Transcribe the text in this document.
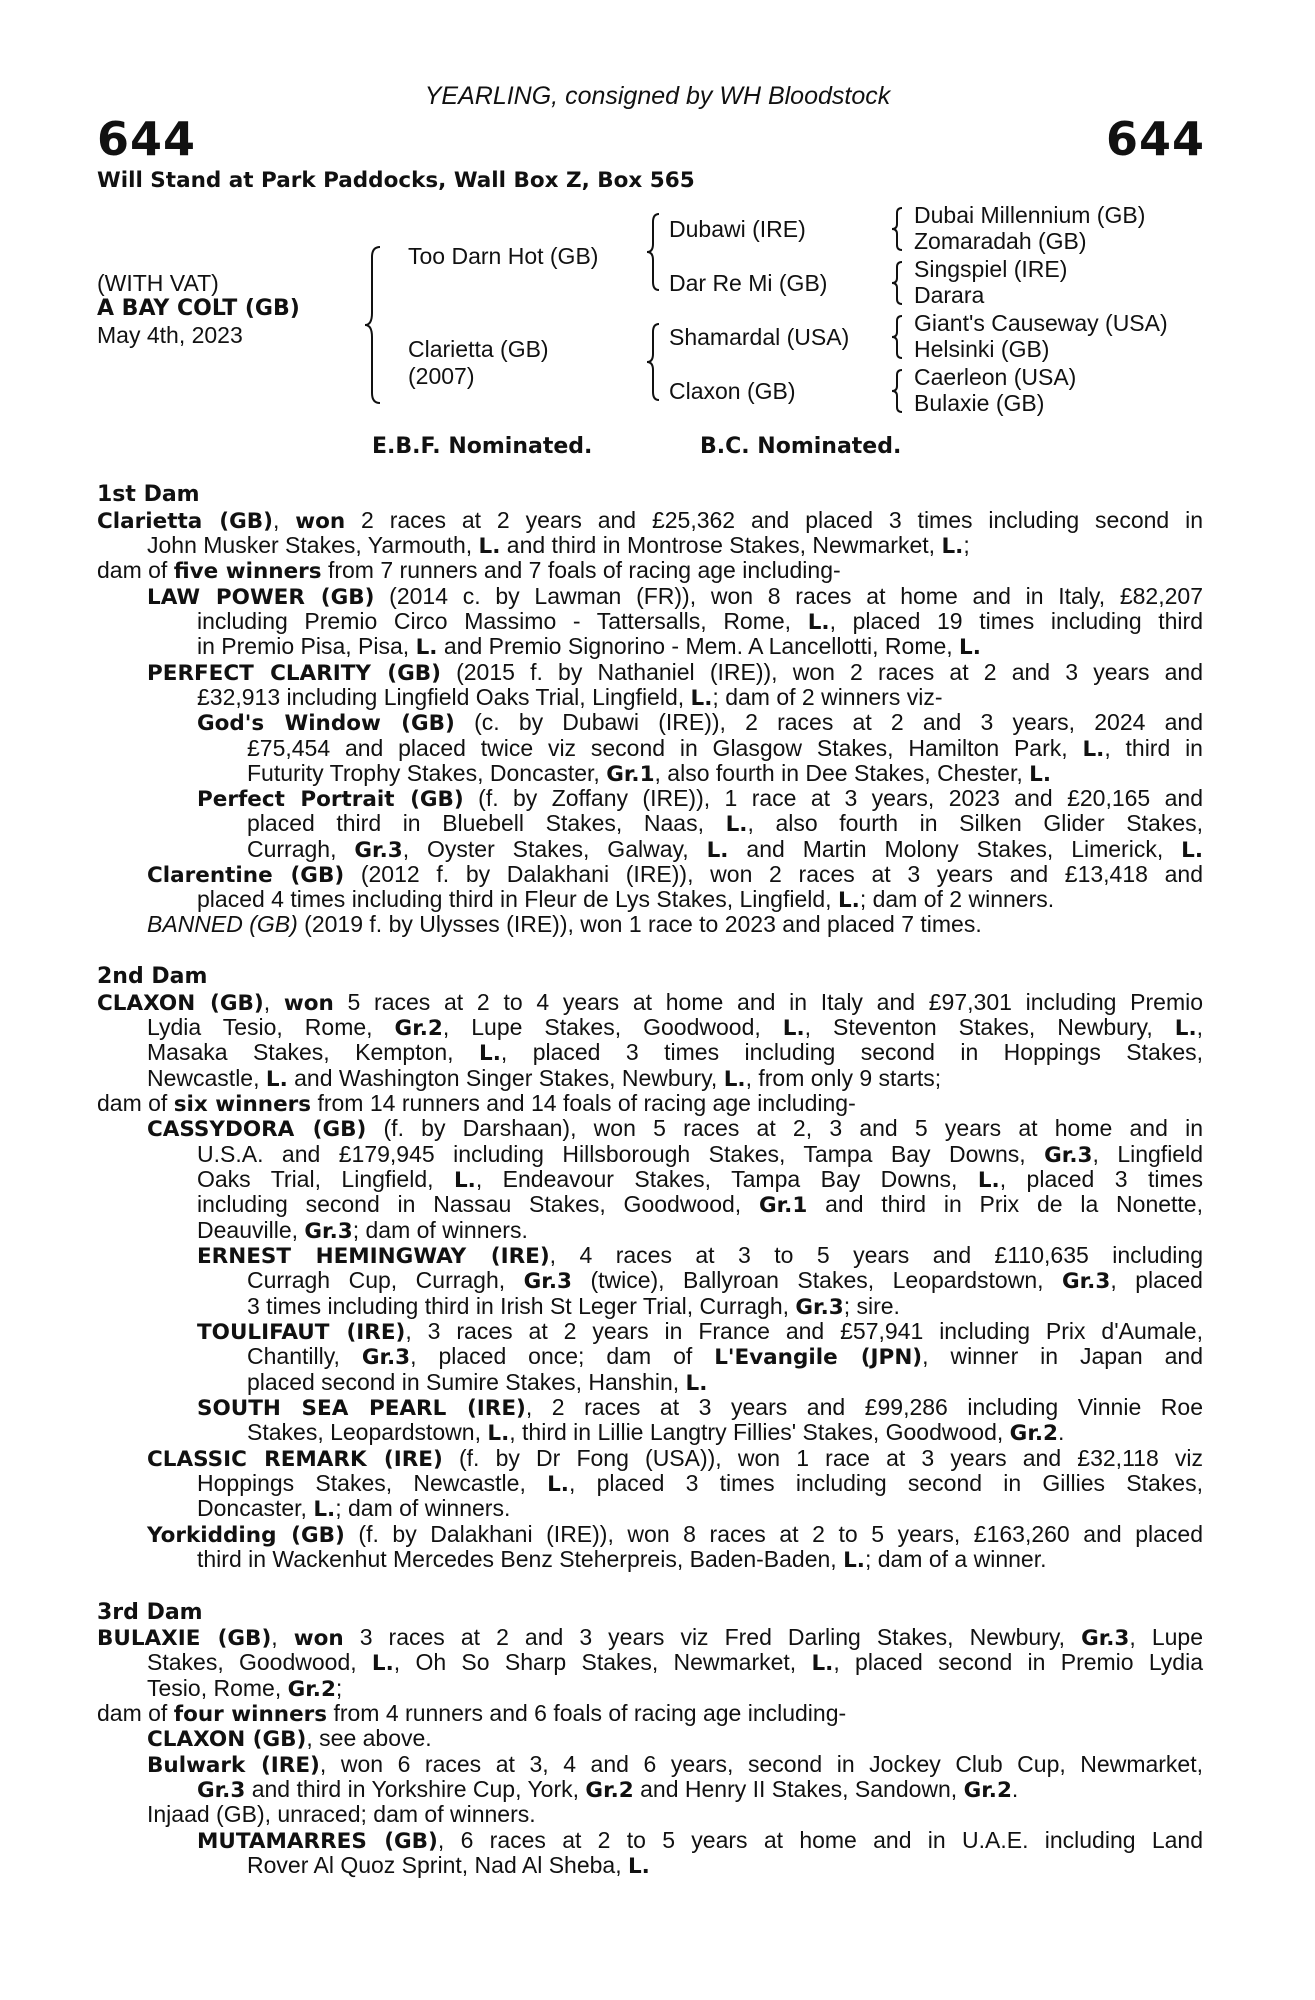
YEARLING, consigned by WH Bloodstock
644	644
Will Stand at Park Paddocks, Wall Box Z, Box 565
(WITH VAT)
A BAY COLT (GB)
May 4th, 2023
Too Darn Hot (GB)
Clarietta (GB)
(2007)
Dubawi (IRE)
Dar Re Mi (GB)
Shamardal (USA)
Claxon (GB)
Dubai Millennium (GB)
Zomaradah (GB)
Singspiel (IRE)
Darara
Giant's Causeway (USA)
Helsinki (GB)
Caerleon (USA)
Bulaxie (GB)
E.B.F. Nominated.	B.C. Nominated.
1st Dam
Clarietta (GB), won 2 races at 2 years and £25,362 and placed 3 times including second in
John Musker Stakes, Yarmouth, L. and third in Montrose Stakes, Newmarket, L.;
dam of five winners from 7 runners and 7 foals of racing age including-
LAW POWER (GB) (2014 c. by Lawman (FR)), won 8 races at home and in Italy, £82,207
including Premio Circo Massimo - Tattersalls, Rome, L., placed 19 times including third
in Premio Pisa, Pisa, L. and Premio Signorino - Mem. A Lancellotti, Rome, L.
PERFECT CLARITY (GB) (2015 f. by Nathaniel (IRE)), won 2 races at 2 and 3 years and
£32,913 including Lingfield Oaks Trial, Lingfield, L.; dam of 2 winners viz-
God's Window (GB) (c. by Dubawi (IRE)), 2 races at 2 and 3 years, 2024 and
£75,454 and placed twice viz second in Glasgow Stakes, Hamilton Park, L., third in
Futurity Trophy Stakes, Doncaster, Gr.1, also fourth in Dee Stakes, Chester, L.
Perfect Portrait (GB) (f. by Zoffany (IRE)), 1 race at 3 years, 2023 and £20,165 and
placed third in Bluebell Stakes, Naas, L., also fourth in Silken Glider Stakes,
Curragh, Gr.3, Oyster Stakes, Galway, L. and Martin Molony Stakes, Limerick, L.
Clarentine (GB) (2012 f. by Dalakhani (IRE)), won 2 races at 3 years and £13,418 and
placed 4 times including third in Fleur de Lys Stakes, Lingfield, L.; dam of 2 winners.
BANNED (GB) (2019 f. by Ulysses (IRE)), won 1 race to 2023 and placed 7 times.
2nd Dam
CLAXON (GB), won 5 races at 2 to 4 years at home and in Italy and £97,301 including Premio
Lydia Tesio, Rome, Gr.2, Lupe Stakes, Goodwood, L., Steventon Stakes, Newbury, L.,
Masaka Stakes, Kempton, L., placed 3 times including second in Hoppings Stakes,
Newcastle, L. and Washington Singer Stakes, Newbury, L., from only 9 starts;
dam of six winners from 14 runners and 14 foals of racing age including-
CASSYDORA (GB) (f. by Darshaan), won 5 races at 2, 3 and 5 years at home and in
U.S.A. and £179,945 including Hillsborough Stakes, Tampa Bay Downs, Gr.3, Lingfield
Oaks Trial, Lingfield, L., Endeavour Stakes, Tampa Bay Downs, L., placed 3 times
including second in Nassau Stakes, Goodwood, Gr.1 and third in Prix de la Nonette,
Deauville, Gr.3; dam of winners.
ERNEST HEMINGWAY (IRE), 4 races at 3 to 5 years and £110,635 including
Curragh Cup, Curragh, Gr.3 (twice), Ballyroan Stakes, Leopardstown, Gr.3, placed
3 times including third in Irish St Leger Trial, Curragh, Gr.3; sire.
TOULIFAUT (IRE), 3 races at 2 years in France and £57,941 including Prix d'Aumale,
Chantilly, Gr.3, placed once; dam of L'Evangile (JPN), winner in Japan and
placed second in Sumire Stakes, Hanshin, L.
SOUTH SEA PEARL (IRE), 2 races at 3 years and £99,286 including Vinnie Roe
Stakes, Leopardstown, L., third in Lillie Langtry Fillies' Stakes, Goodwood, Gr.2.
CLASSIC REMARK (IRE) (f. by Dr Fong (USA)), won 1 race at 3 years and £32,118 viz
Hoppings Stakes, Newcastle, L., placed 3 times including second in Gillies Stakes,
Doncaster, L.; dam of winners.
Yorkidding (GB) (f. by Dalakhani (IRE)), won 8 races at 2 to 5 years, £163,260 and placed
third in Wackenhut Mercedes Benz Steherpreis, Baden-Baden, L.; dam of a winner.
3rd Dam
BULAXIE (GB), won 3 races at 2 and 3 years viz Fred Darling Stakes, Newbury, Gr.3, Lupe
Stakes, Goodwood, L., Oh So Sharp Stakes, Newmarket, L., placed second in Premio Lydia
Tesio, Rome, Gr.2;
dam of four winners from 4 runners and 6 foals of racing age including-
CLAXON (GB), see above.
Bulwark (IRE), won 6 races at 3, 4 and 6 years, second in Jockey Club Cup, Newmarket,
Gr.3 and third in Yorkshire Cup, York, Gr.2 and Henry II Stakes, Sandown, Gr.2.
Injaad (GB), unraced; dam of winners.
MUTAMARRES (GB), 6 races at 2 to 5 years at home and in U.A.E. including Land
Rover Al Quoz Sprint, Nad Al Sheba, L.
